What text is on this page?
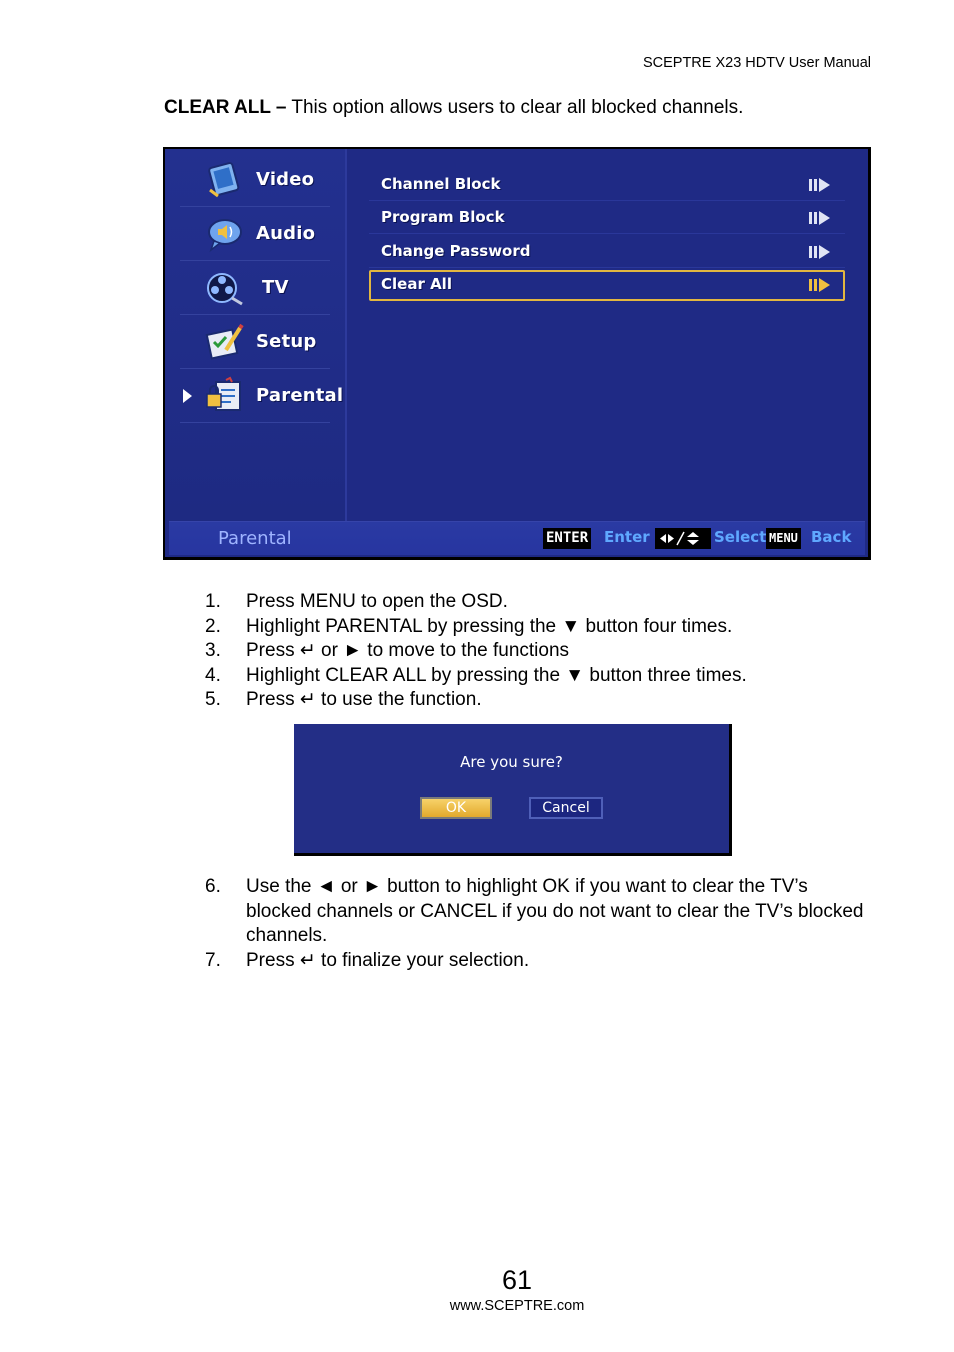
SCEPTRE X23 HDTV User Manual
CLEAR ALL – This option allows users to clear all blocked channels.
Video
Audio
TV
Setup
Parental
Channel Block
Program Block
Change Password
Clear All
Parental	ENTER Enter	Select MENU Back
1. Press MENU to open the OSD.
2. Highlight PARENTAL by pressing the ▼ button four times.
3. Press ↵ or ► to move to the functions
4. Highlight CLEAR ALL by pressing the ▼ button three times.
5. Press ↵ to use the function.
Are you sure?
OK	Cancel
6. Use the ◄ or ► button to highlight OK if you want to clear the TV’s blocked channels or CANCEL if you do not want to clear the TV’s blocked channels.
7. Press ↵ to finalize your selection.
61
www.SCEPTRE.com
